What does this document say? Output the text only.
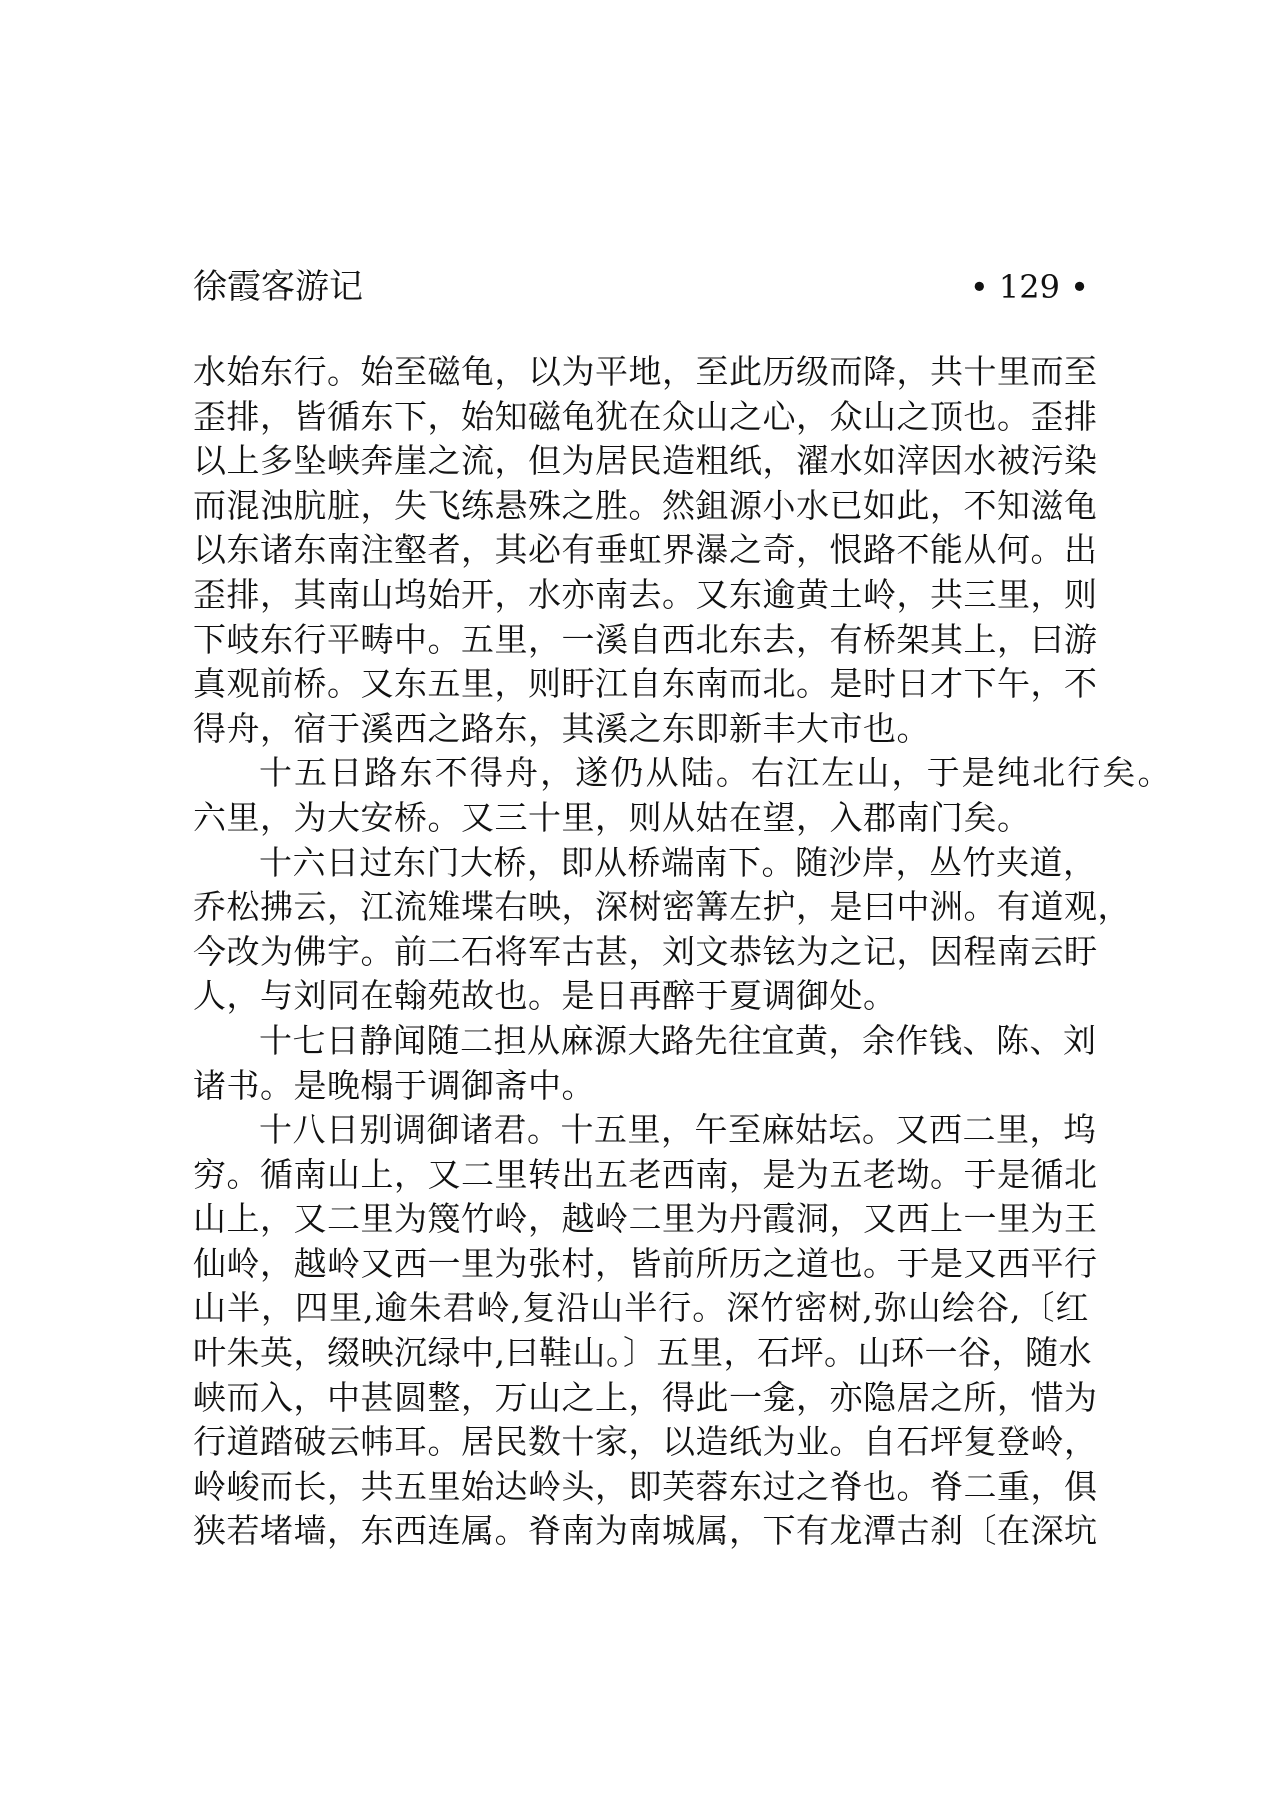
徐霞客游记	• 129 •
水始东行。始至磁龟，以为平地，至此历级而降，共十里而至
歪排，皆循东下，始知磁龟犹在众山之心，众山之顶也。歪排
以上多坠峡奔崖之流，但为居民造粗纸，濯水如滓因水被污染
而混浊肮脏，失飞练悬殊之胜。然鉏源小水已如此，不知滋龟
以东诸东南注壑者，其必有垂虹界瀑之奇，恨路不能从何。出
歪排，其南山坞始开，水亦南去。又东逾黄土岭，共三里，则
下岐东行平畴中。五里，一溪自西北东去，有桥架其上，曰游
真观前桥。又东五里，则盱江自东南而北。是时日才下午，不
得舟，宿于溪西之路东，其溪之东即新丰大市也。
十五日路东不得舟，遂仍从陆。右江左山，于是纯北行矣。
六里，为大安桥。又三十里，则从姑在望，入郡南门矣。
十六日过东门大桥，即从桥端南下。随沙岸，丛竹夹道，
乔松拂云，江流雉堞右映，深树密篝左护，是曰中洲。有道观，
今改为佛宇。前二石将军古甚，刘文恭铉为之记，因程南云盱
人，与刘同在翰苑故也。是日再醉于夏调御处。
十七日静闻随二担从麻源大路先往宜黄，余作钱、陈、刘
诸书。是晚榻于调御斋中。
十八日别调御诸君。十五里，午至麻姑坛。又西二里，坞
穷。循南山上，又二里转出五老西南，是为五老坳。于是循北
山上，又二里为篾竹岭，越岭二里为丹霞洞，又西上一里为王
仙岭，越岭又西一里为张村，皆前所历之道也。于是又西平行
山半，四里,逾朱君岭,复沿山半行。深竹密树,弥山绘谷,〔红
叶朱英，缀映沉绿中,曰鞋山。〕五里，石坪。山环一谷，随水
峡而入，中甚圆整，万山之上，得此一龛，亦隐居之所，惜为
行道踏破云帏耳。居民数十家，以造纸为业。自石坪复登岭，
岭峻而长，共五里始达岭头，即芙蓉东过之脊也。脊二重，俱
狭若堵墙，东西连属。脊南为南城属，下有龙潭古刹〔在深坑
